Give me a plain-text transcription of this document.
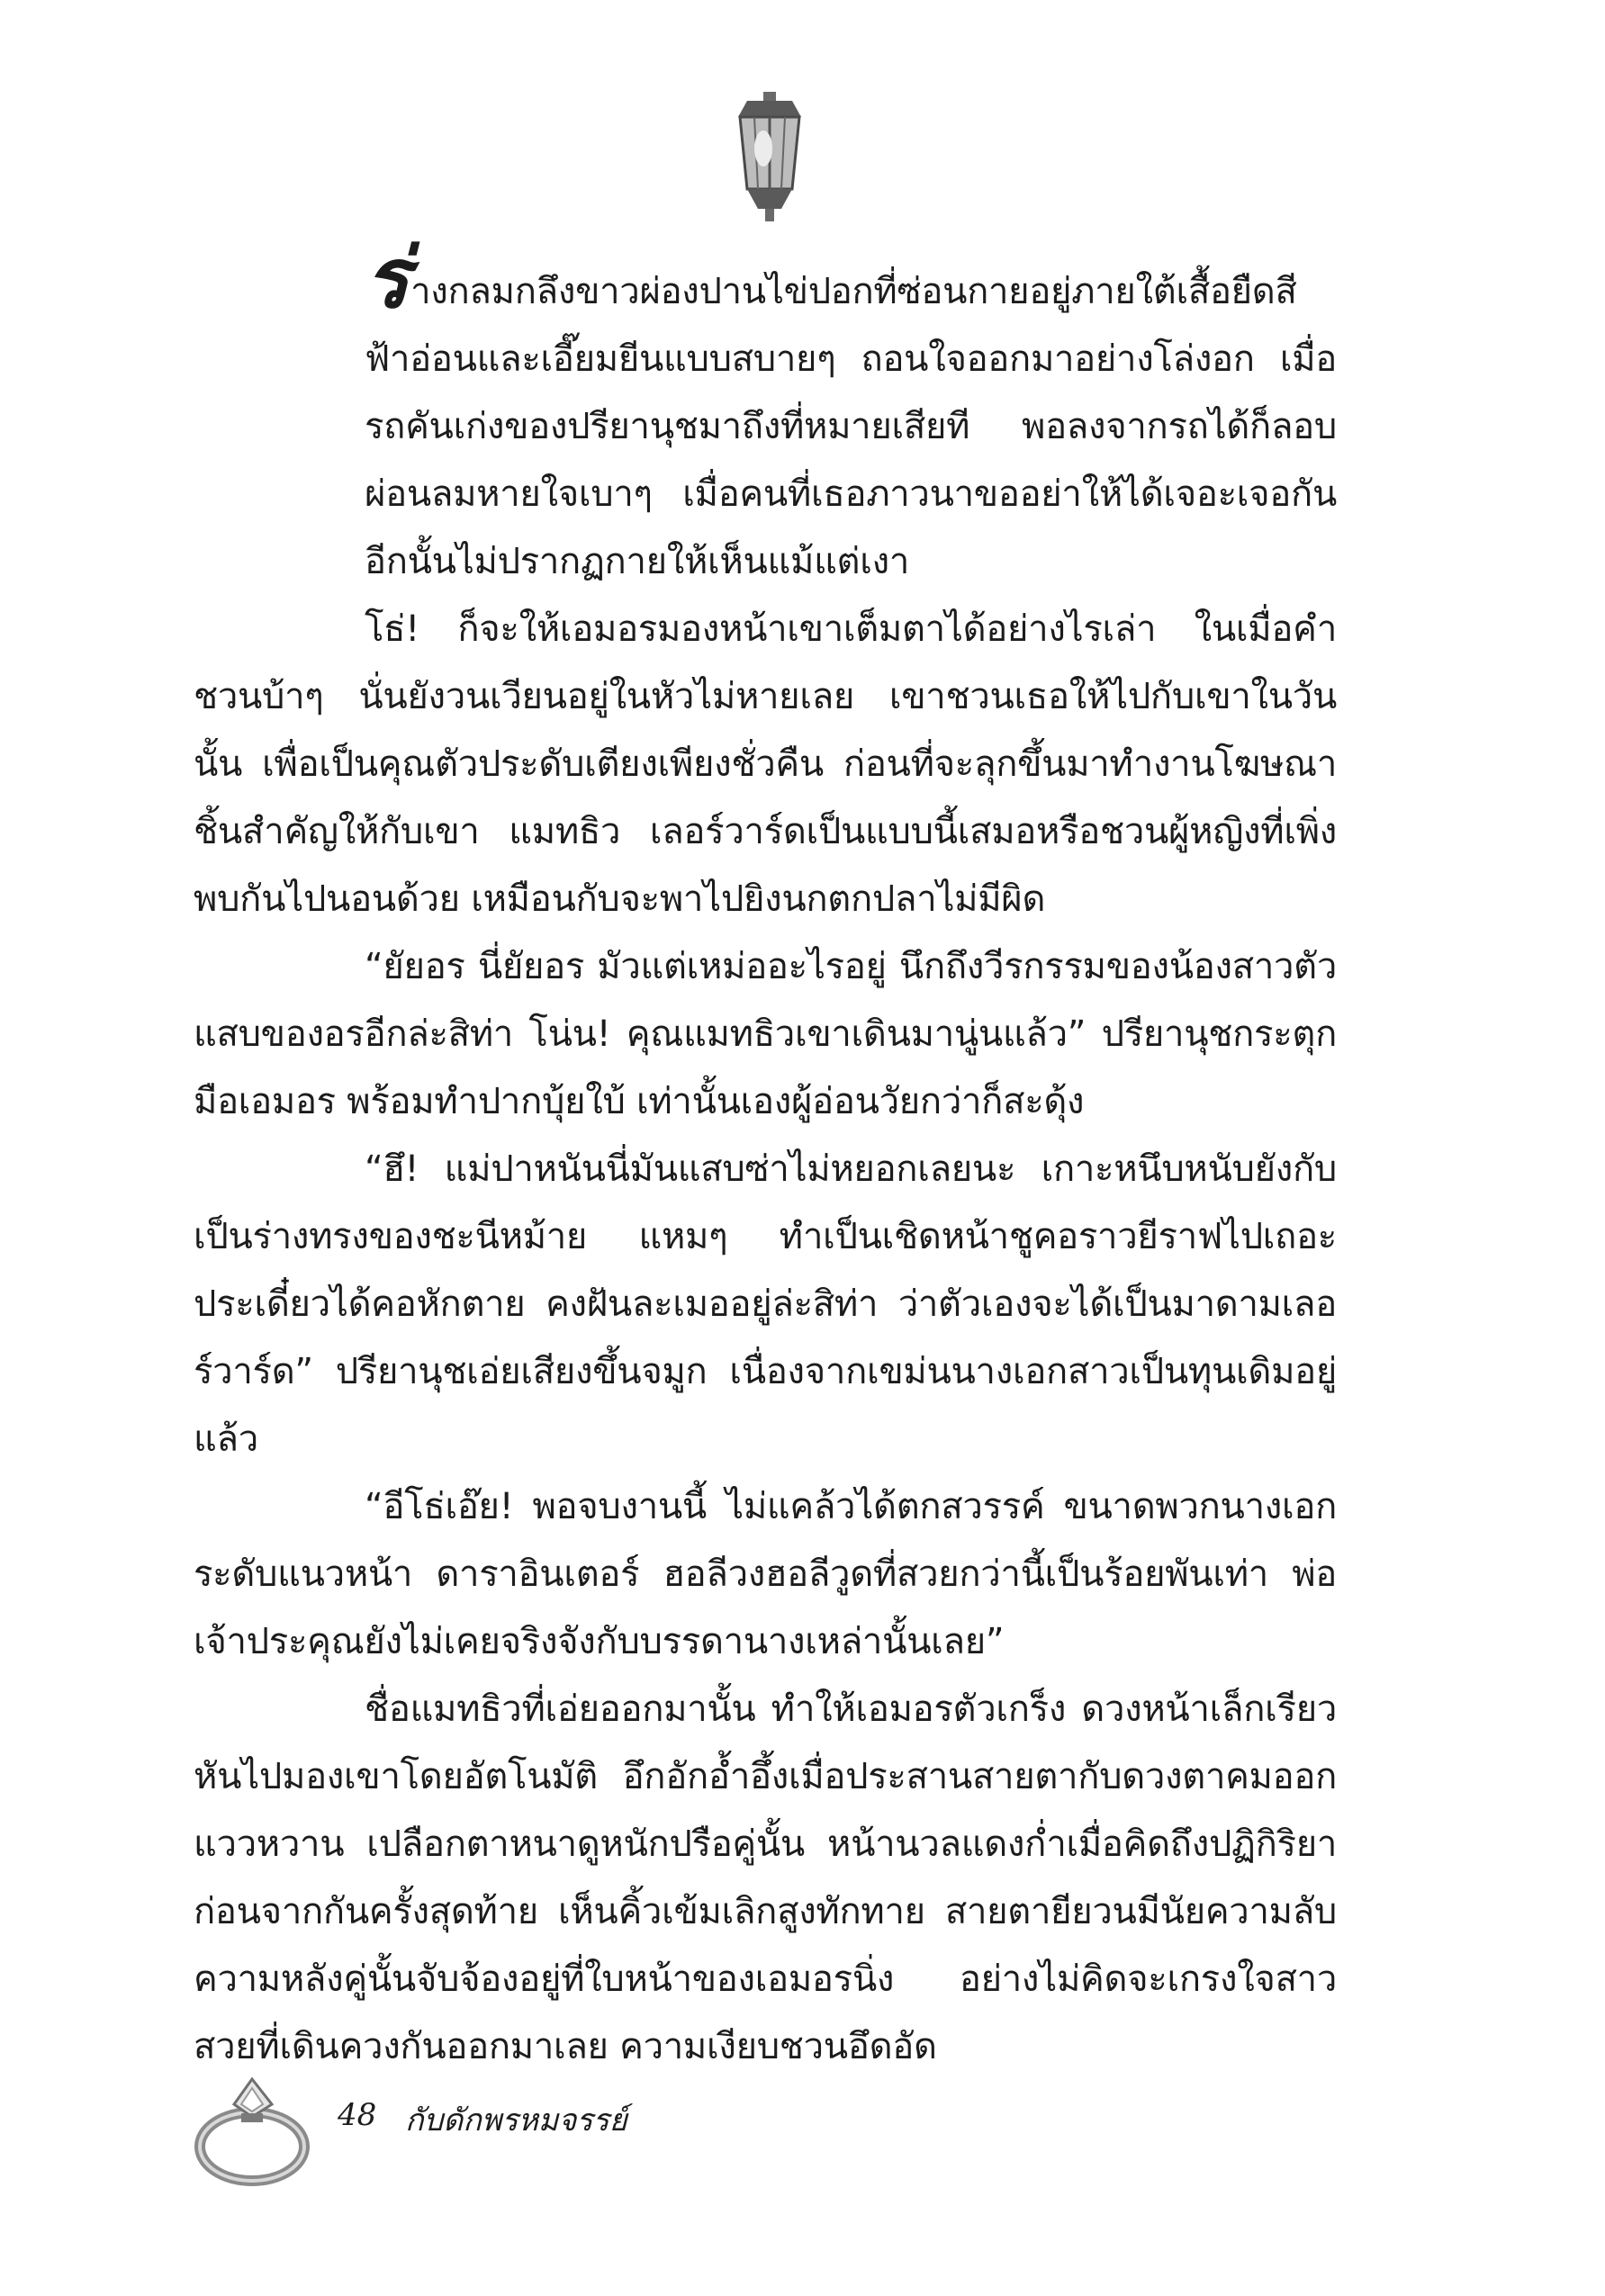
ร่างกลมกลึงขาวผ่องปานไข่ปอกที่ซ่อนกายอยู่ภายใต้เสื้อยืดสีฟ้าอ่อนและเอี๊ยมยีนแบบสบายๆ ถอนใจออกมาอย่างโล่งอก เมื่อรถคันเก่งของปรียานุชมาถึงที่หมายเสียที พอลงจากรถได้ก็ลอบผ่อนลมหายใจเบาๆ เมื่อคนที่เธอภาวนาขออย่าให้ได้เจอะเจอกันอีกนั้นไม่ปรากฏกายให้เห็นแม้แต่เงา

โธ่! ก็จะให้เอมอรมองหน้าเขาเต็มตาได้อย่างไรเล่า ในเมื่อคำชวนบ้าๆ นั่นยังวนเวียนอยู่ในหัวไม่หายเลย เขาชวนเธอให้ไปกับเขาในวันนั้น เพื่อเป็นคุณตัวประดับเตียงเพียงชั่วคืน ก่อนที่จะลุกขึ้นมาทำงานโฆษณาชิ้นสำคัญให้กับเขา แมทธิว เลอร์วาร์ดเป็นแบบนี้เสมอหรือชวนผู้หญิงที่เพิ่งพบกันไปนอนด้วย เหมือนกับจะพาไปยิงนกตกปลาไม่มีผิด

“ยัยอร นี่ยัยอร มัวแต่เหม่ออะไรอยู่ นึกถึงวีรกรรมของน้องสาวตัวแสบของอรอีกล่ะสิท่า โน่น! คุณแมทธิวเขาเดินมานู่นแล้ว” ปรียานุชกระตุกมือเอมอร พร้อมทำปากบุ้ยใบ้ เท่านั้นเองผู้อ่อนวัยกว่าก็สะดุ้ง

“ฮึ! แม่ปาหนันนี่มันแสบซ่าไม่หยอกเลยนะ เกาะหนึบหนับยังกับเป็นร่างทรงของชะนีหม้าย แหมๆ ทำเป็นเชิดหน้าชูคอราวยีราฟไปเถอะ ประเดี๋ยวได้คอหักตาย คงฝันละเมออยู่ล่ะสิท่า ว่าตัวเองจะได้เป็นมาดามเลอร์วาร์ด” ปรียานุชเอ่ยเสียงขึ้นจมูก เนื่องจากเขม่นนางเอกสาวเป็นทุนเดิมอยู่แล้ว

“อีโธ่เอ๊ย! พอจบงานนี้ ไม่แคล้วได้ตกสวรรค์ ขนาดพวกนางเอกระดับแนวหน้า ดาราอินเตอร์ ฮอลีวงฮอลีวูดที่สวยกว่านี้เป็นร้อยพันเท่า พ่อเจ้าประคุณยังไม่เคยจริงจังกับบรรดานางเหล่านั้นเลย”

ชื่อแมทธิวที่เอ่ยออกมานั้น ทำให้เอมอรตัวเกร็ง ดวงหน้าเล็กเรียวหันไปมองเขาโดยอัตโนมัติ อึกอักอ้ำอึ้งเมื่อประสานสายตากับดวงตาคมออกแววหวาน เปลือกตาหนาดูหนักปรือคู่นั้น หน้านวลแดงก่ำเมื่อคิดถึงปฏิกิริยาก่อนจากกันครั้งสุดท้าย เห็นคิ้วเข้มเลิกสูงทักทาย สายตายียวนมีนัยความลับความหลังคู่นั้นจับจ้องอยู่ที่ใบหน้าของเอมอรนิ่ง อย่างไม่คิดจะเกรงใจสาวสวยที่เดินควงกันออกมาเลย ความเงียบชวนอึดอัด

48 กับดักพรหมจรรย์
